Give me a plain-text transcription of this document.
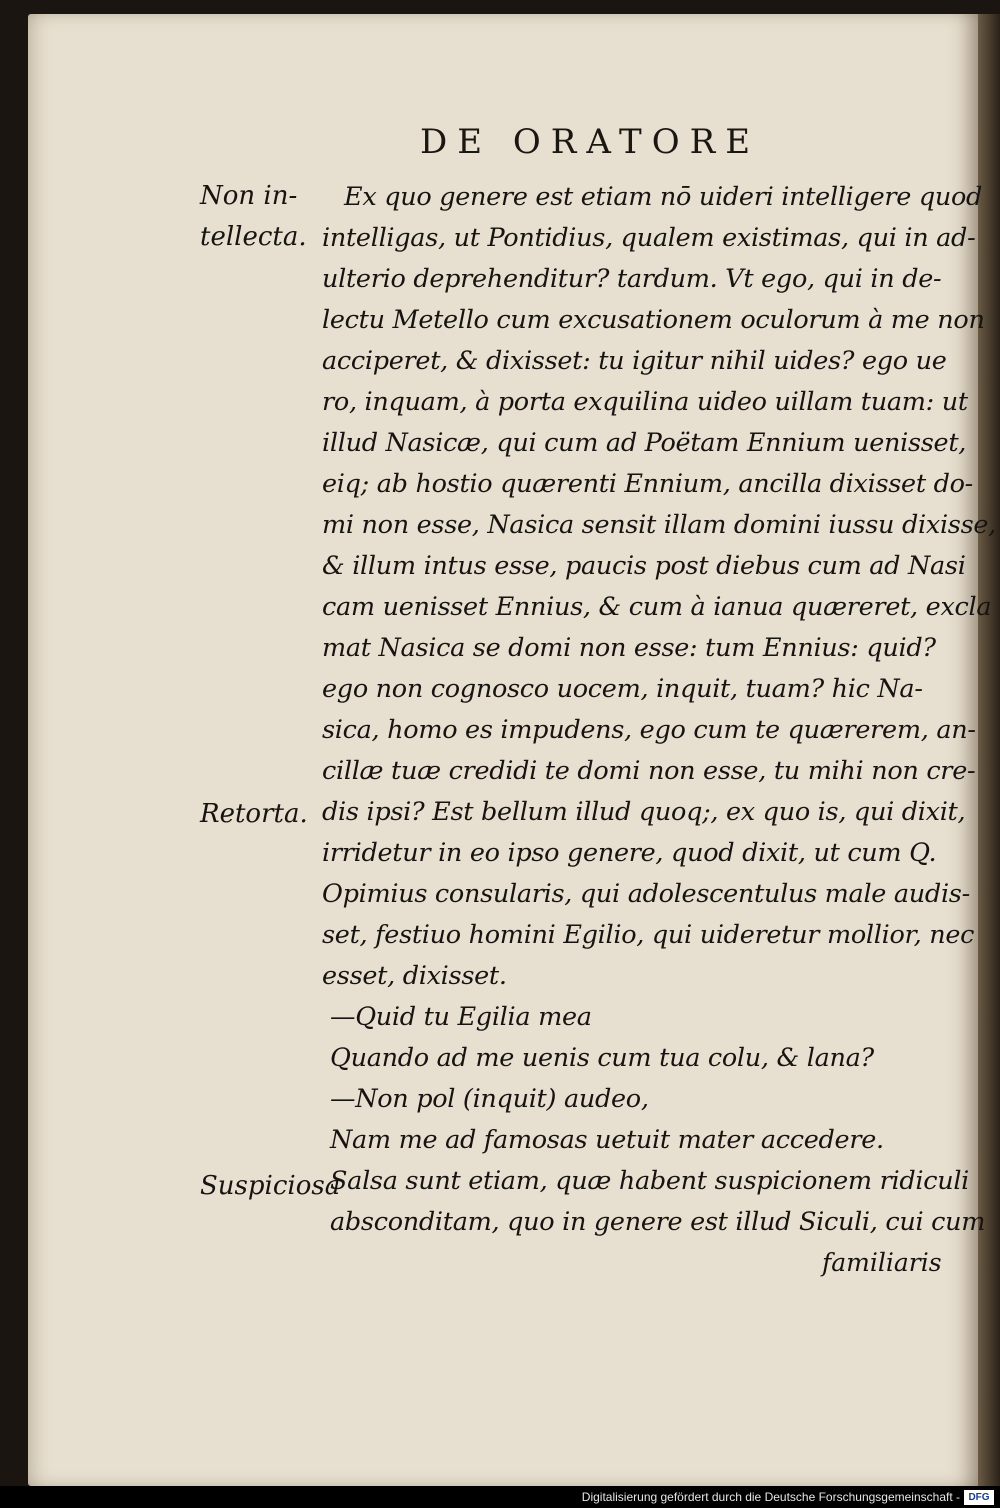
DE ORATORE
Non in-
tellecta.
Retorta.
Suspiciosa
Ex quo genere est etiam nō uideri intelligere quod
intelligas, ut Pontidius, qualem existimas, qui in ad-
ulterio deprehenditur? tardum. Vt ego, qui in de-
lectu Metello cum excusationem oculorum à me non
acciperet, & dixisset: tu igitur nihil uides? ego ue
ro, inquam, à porta exquilina uideo uillam tuam: ut
illud Nasicæ, qui cum ad Poëtam Ennium uenisset,
eiq; ab hostio quærenti Ennium, ancilla dixisset do-
mi non esse, Nasica sensit illam domini iussu dixisse,
& illum intus esse, paucis post diebus cum ad Nasi
cam uenisset Ennius, & cum à ianua quæreret, excla
mat Nasica se domi non esse: tum Ennius: quid?
ego non cognosco uocem, inquit, tuam? hic Na-
sica, homo es impudens, ego cum te quærerem, an-
cillæ tuæ credidi te domi non esse, tu mihi non cre-
dis ipsi? Est bellum illud quoq;, ex quo is, qui dixit,
irridetur in eo ipso genere, quod dixit, ut cum Q.
Opimius consularis, qui adolescentulus male audis-
set, festiuo homini Egilio, qui uideretur mollior, nec
esset, dixisset.
—Quid tu Egilia mea
Quando ad me uenis cum tua colu, & lana?
—Non pol (inquit) audeo,
Nam me ad famosas uetuit mater accedere.
Salsa sunt etiam, quæ habent suspicionem ridiculi
absconditam, quo in genere est illud Siculi, cui cum
familiaris
Digitalisierung gefördert durch die Deutsche Forschungsgemeinschaft - DFG
